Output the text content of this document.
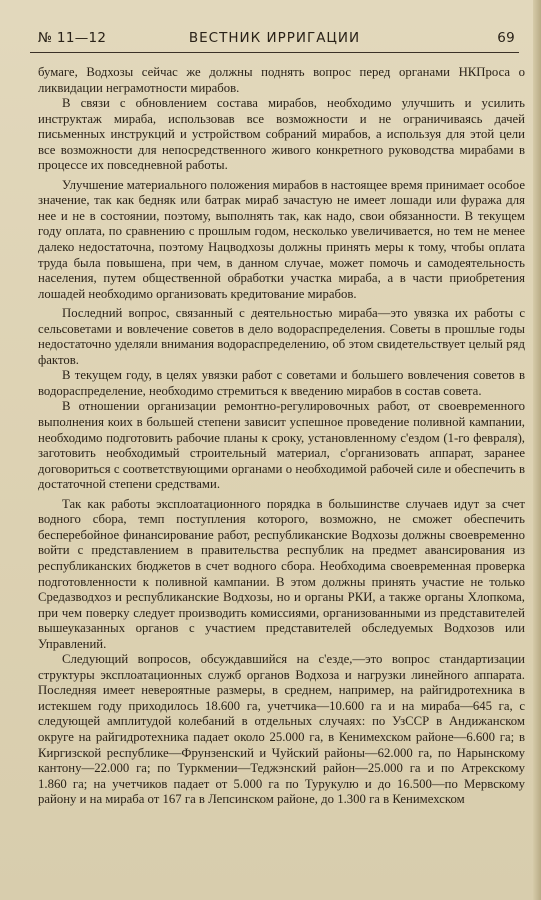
№ 11—12	ВЕСТНИК ИРРИГАЦИИ	69

бумаге, Водхозы сейчас же должны поднять вопрос перед органами НКПроса о ликвидации неграмотности мирабов.

В связи с обновлением состава мирабов, необходимо улучшить и усилить инструктаж мираба, использовав все возможности и не ограничиваясь дачей письменных инструкций и устройством собраний мирабов, а используя для этой цели все возможности для непосредственного живого конкретного руководства мирабами в процессе их повседневной работы.

Улучшение материального положения мирабов в настоящее время принимает особое значение, так как бедняк или батрак мираб зачастую не имеет лошади или фуража для нее и не в состоянии, поэтому, выполнять так, как надо, свои обязанности. В текущем году оплата, по сравнению с прошлым годом, несколько увеличивается, но тем не менее далеко недостаточна, поэтому Нацводхозы должны принять меры к тому, чтобы оплата труда была повышена, при чем, в данном случае, может помочь и самодеятельность населения, путем общественной обработки участка мираба, а в части приобретения лошадей необходимо организовать кредитование мирабов.

Последний вопрос, связанный с деятельностью мираба—это увязка их работы с сельсоветами и вовлечение советов в дело водораспределения. Советы в прошлые годы недостаточно уделяли внимания водораспределению, об этом свидетельствует целый ряд фактов.

В текущем году, в целях увязки работ с советами и большего вовлечения советов в водораспределение, необходимо стремиться к введению мирабов в состав совета.

В отношении организации ремонтно-регулировочных работ, от своевременного выполнения коих в большей степени зависит успешное проведение поливной кампании, необходимо подготовить рабочие планы к сроку, установленному с'ездом (1-го февраля), заготовить необходимый строительный материал, с'организовать аппарат, заранее договориться с соответствующими органами о необходимой рабочей силе и обеспечить в достаточной степени средствами.

Так как работы эксплоатационного порядка в большинстве случаев идут за счет водного сбора, темп поступления которого, возможно, не сможет обеспечить бесперебойное финансирование работ, республиканские Водхозы должны своевременно войти с представлением в правительства республик на предмет авансирования из республиканских бюджетов в счет водного сбора. Необходима своевременная проверка подготовленности к поливной кампании. В этом должны принять участие не только Средазводхоз и республиканские Водхозы, но и органы РКИ, а также органы Хлопкома, при чем поверку следует производить комиссиями, организованными из представителей вышеуказанных органов с участием представителей обследуемых Водхозов или Управлений.

Следующий вопросов, обсуждавшийся на с'езде,—это вопрос стандартизации структуры эксплоатационных служб органов Водхоза и нагрузки линейного аппарата. Последняя имеет невероятные размеры, в среднем, например, на райгидротехника в истекшем году приходилось 18.600 га, учетчика—10.600 га и на мираба—645 га, с следующей амплитудой колебаний в отдельных случаях: по УзССР в Андижанском округе на райгидротехника падает около 25.000 га, в Кенимехском районе—6.600 га; в Киргизской республике—Фрунзенский и Чуйский районы—62.000 га, по Нарынскому кантону—22.000 га; по Туркмении—Теджэнский район—25.000 га и по Атрекскому 1.860 га; на учетчиков падает от 5.000 га по Турукулю и до 16.500—по Мервскому району и на мираба от 167 га в Лепсинском районе, до 1.300 га в Кенимехском
